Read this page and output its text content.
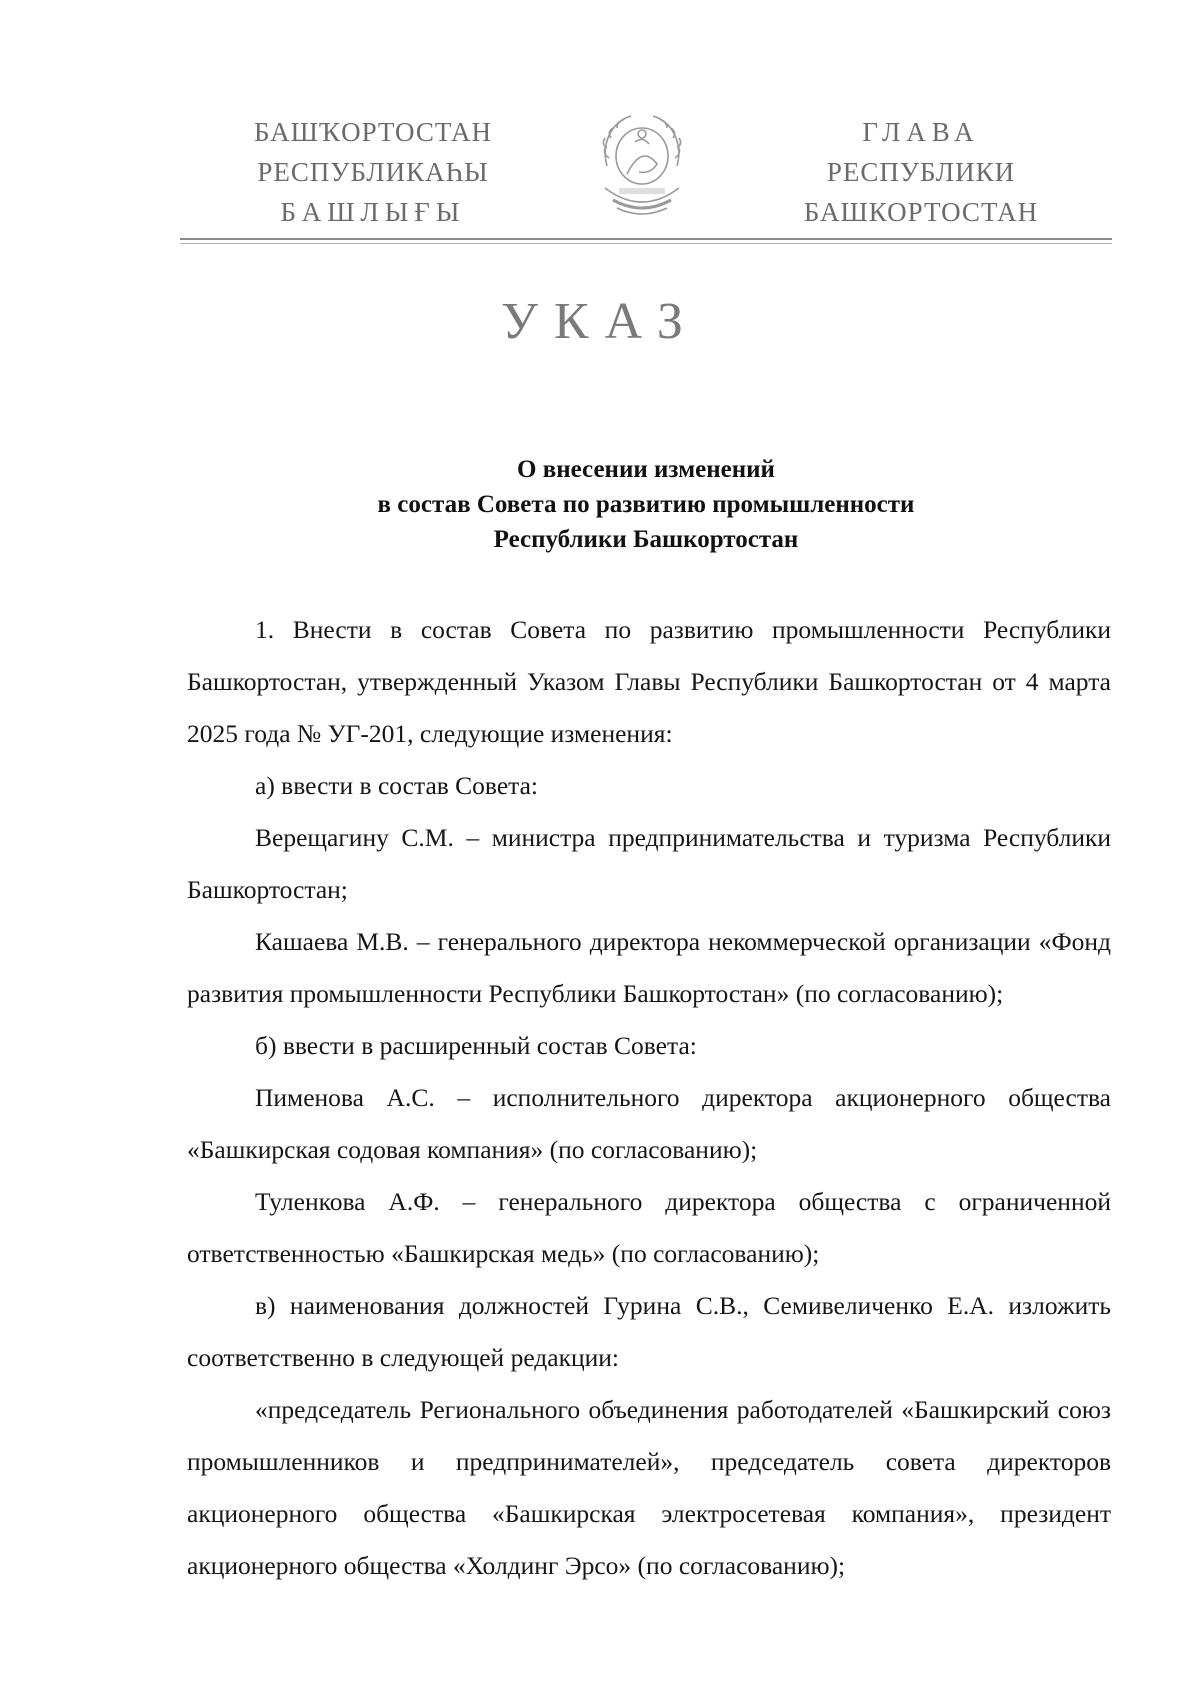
БАШҠОРТОСТАН
РЕСПУБЛИКАҺЫ
БАШЛЫҒЫ
ГЛАВА
РЕСПУБЛИКИ
БАШКОРТОСТАН
УКАЗ
О внесении изменений
в состав Совета по развитию промышленности
Республики Башкортостан

1. Внести в состав Совета по развитию промышленности Республики Башкортостан, утвержденный Указом Главы Республики Башкортостан от 4 марта 2025 года № УГ-201, следующие изменения:

а) ввести в состав Совета:

Верещагину С.М. – министра предпринимательства и туризма Республики Башкортостан;

Кашаева М.В. – генерального директора некоммерческой организации «Фонд развития промышленности Республики Башкортостан» (по согласованию);

б) ввести в расширенный состав Совета:

Пименова А.С. – исполнительного директора акционерного общества «Башкирская содовая компания» (по согласованию);

Туленкова А.Ф. – генерального директора общества с ограниченной ответственностью «Башкирская медь» (по согласованию);

в) наименования должностей Гурина С.В., Семивеличенко Е.А. изложить соответственно в следующей редакции:

«председатель Регионального объединения работодателей «Башкирский союз промышленников и предпринимателей», председатель совета директоров акционерного общества «Башкирская электросетевая компания», президент акционерного общества «Холдинг Эрсо» (по согласованию);
